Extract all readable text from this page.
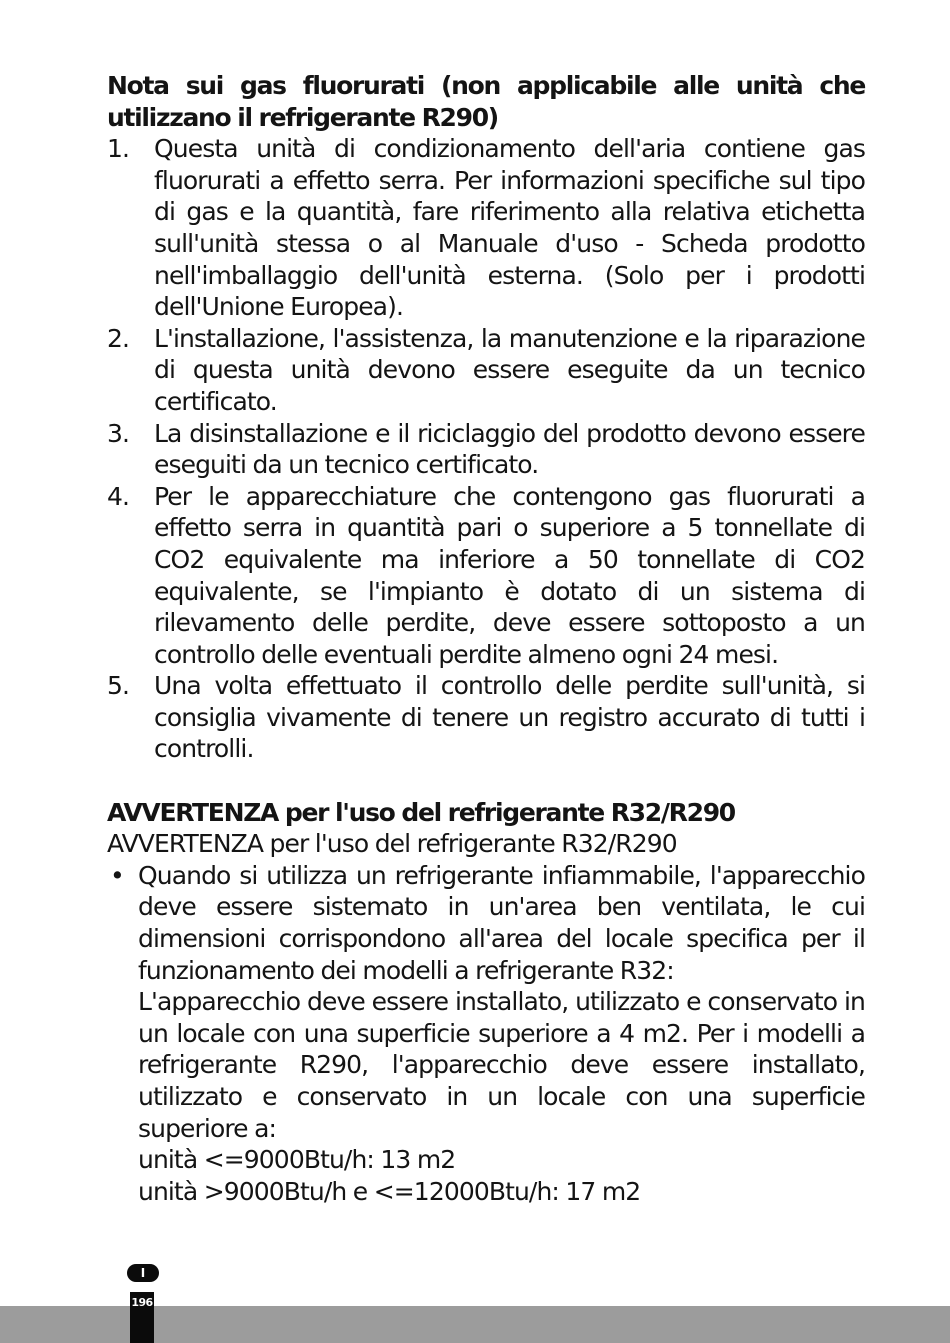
Nota sui gas fluorurati (non applicabile alle unità che utilizzano il refrigerante R290)

1. Questa unità di condizionamento dell'aria contiene gas fluorurati a effetto serra. Per informazioni specifiche sul tipo di gas e la quantità, fare riferimento alla relativa etichetta sull'unità stessa o al Manuale d'uso - Scheda prodotto nell'imballaggio dell'unità esterna. (Solo per i prodotti dell'Unione Europea).
2. L'installazione, l'assistenza, la manutenzione e la riparazione di questa unità devono essere eseguite da un tecnico certificato.
3. La disinstallazione e il riciclaggio del prodotto devono essere eseguiti da un tecnico certificato.
4. Per le apparecchiature che contengono gas fluorurati a effetto serra in quantità pari o superiore a 5 tonnellate di CO2 equivalente ma inferiore a 50 tonnellate di CO2 equivalente, se l'impianto è dotato di un sistema di rilevamento delle perdite, deve essere sottoposto a un controllo delle eventuali perdite almeno ogni 24 mesi.
5. Una volta effettuato il controllo delle perdite sull'unità, si consiglia vivamente di tenere un registro accurato di tutti i controlli.

AVVERTENZA per l'uso del refrigerante R32/R290

AVVERTENZA per l'uso del refrigerante R32/R290

• Quando si utilizza un refrigerante infiammabile, l'apparecchio deve essere sistemato in un'area ben ventilata, le cui dimensioni corrispondono all'area del locale specifica per il funzionamento dei modelli a refrigerante R32:
L'apparecchio deve essere installato, utilizzato e conservato in un locale con una superficie superiore a 4 m2. Per i modelli a refrigerante R290, l'apparecchio deve essere installato, utilizzato e conservato in un locale con una superficie superiore a:
unità <=9000Btu/h: 13 m2
unità >9000Btu/h e <=12000Btu/h: 17 m2
I
196
